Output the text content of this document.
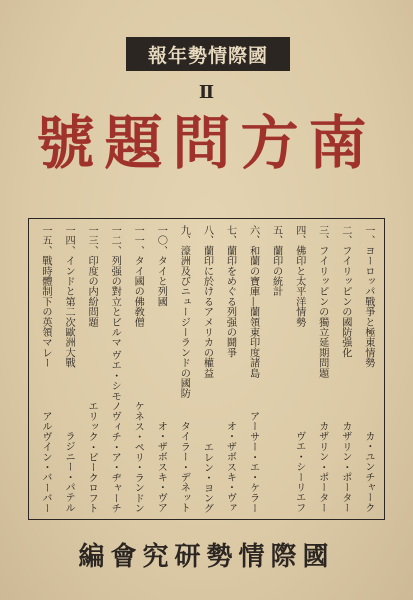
報年勢情際國
Ⅱ
號題問方南
一、ヨーロッパ戰爭と極東情勢
カ・ユンチャーク
二、フイリッピンの國防强化
カザリン・ポーター
三、フイリッピンの獨立延期問題
カザリン・ポーター
四、佛印と太平洋情勢
ヴエ・シーリエフ
五、蘭印の統計
六、和蘭の寶庫—蘭領東印度諸島
アーサー・エ・ケラー
七、蘭印をめぐる列强の鬪爭
オ・ザボスキ・ヴァ
八、蘭印に於けるアメリカの權益
エレン・ヨング
九、濠洲及びニュージーランドの國防
タイラー・デネット
一〇、タイと列國
オ・ザボスキ・ヴア
一一、タイ國の佛敎僧
ケネス・ペリ・ランドン
一二、列强の對立とビルマ
ヴエ・シモノヴィチ・ア・ヂャーチ
一三、印度の内紛問題
エリック・ビークロフト
一四、インドと第二次歐洲大戰
ラジニー・パテル
一五、戰時體制下の英領マレー
アルヴイン・バーバー
編會究研勢情際國
